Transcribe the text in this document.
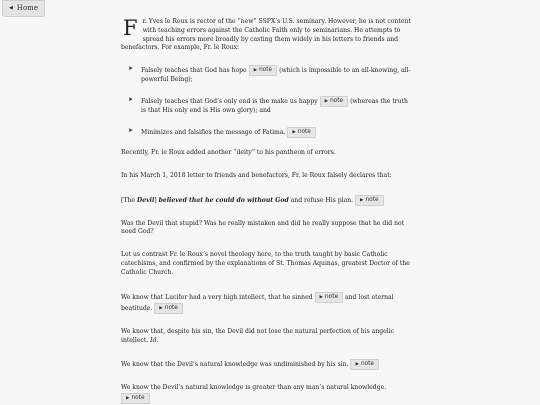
◀ Home

Fr. Yves le Roux is rector of the “new” SSPX’s U.S. seminary. However, he is not content with teaching errors against the Catholic Faith only to seminarians. He attempts to spread his errors more broadly by casting them widely in his letters to friends and benefactors. For example, Fr. le Roux:

➤ Falsely teaches that God has hope ▶ note (which is impossible to an all-knowing, all-powerful Being);
➤ Falsely teaches that God’s only end is the make us happy ▶ note (whereas the truth is that His only end is His own glory); and
➤ Minimizes and falsifies the message of Fatima. ▶ note

Recently, Fr. le Roux added another “deity” to his pantheon of errors.

In his March 1, 2018 letter to friends and benefactors, Fr. le Roux falsely declares that:

[The Devil] believed that he could do without God and refuse His plan. ▶ note

Was the Devil that stupid? Was he really mistaken and did he really suppose that he did not need God?

Let us contrast Fr. le Roux’s novel theology here, to the truth taught by basic Catholic catechisms, and confirmed by the explanations of St. Thomas Aquinas, greatest Doctor of the Catholic Church.

We know that Lucifer had a very high intellect, that he sinned ▶ note and lost eternal beatitude. ▶ note

We know that, despite his sin, the Devil did not lose the natural perfection of his angelic intellect. Id.

We know that the Devil’s natural knowledge was undiminished by his sin. ▶ note

We know the Devil’s natural knowledge is greater than any man’s natural knowledge. ▶ note
